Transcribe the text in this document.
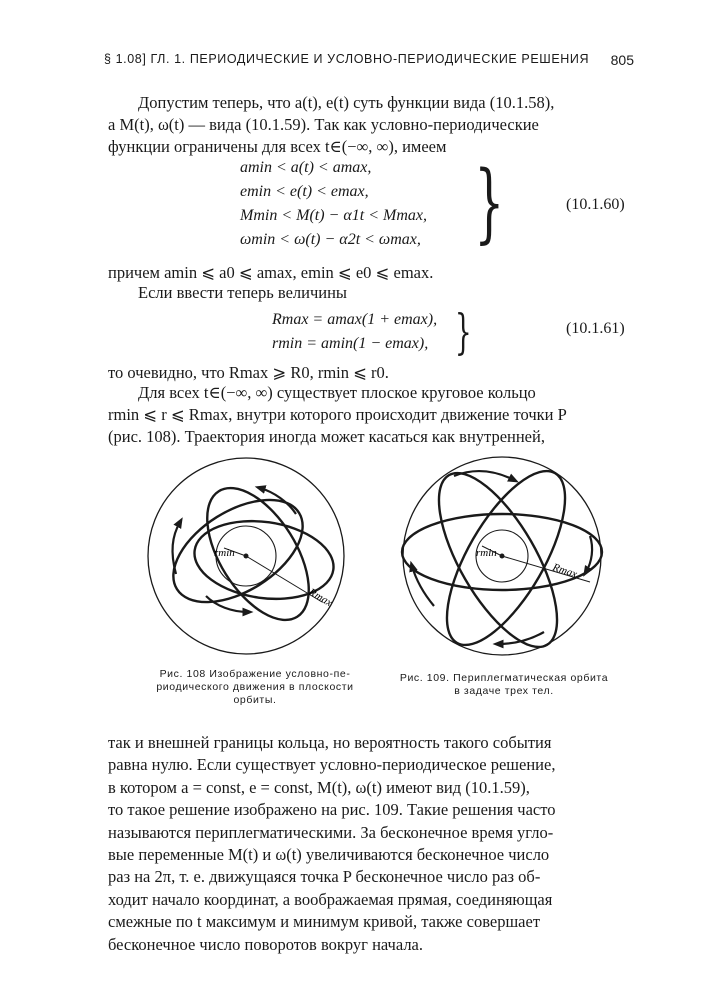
§ 1.08] ГЛ. 1. ПЕРИОДИЧЕСКИЕ И УСЛОВНО-ПЕРИОДИЧЕСКИЕ РЕШЕНИЯ 805
Допустим теперь, что a(t), e(t) суть функции вида (10.1.58),
а M(t), ω(t) — вида (10.1.59). Так как условно-периодические
функции ограничены для всех t∈(−∞, ∞), имеем
amin < a(t) < amax,
emin < e(t) < emax,
Mmin < M(t) − α1t < Mmax,
ωmin < ω(t) − α2t < ωmax, }	(10.1.60)
причем amin ⩽ a0 ⩽ amax, emin ⩽ e0 ⩽ emax.
Если ввести теперь величины
Rmax = amax(1 + emax),
rmin = amin(1 − emax), }	(10.1.61)
то очевидно, что Rmax ⩾ R0, rmin ⩽ r0.
Для всех t∈(−∞, ∞) существует плоское круговое кольцо
rmin ⩽ r ⩽ Rmax, внутри которого происходит движение точки P
(рис. 108). Траектория иногда может касаться как внутренней,
rmin
Rmax
Рис. 108 Изображение условно-пе-
риодического движения в плоскости
орбиты.
rmin
Rmax
Рис. 109. Периплегматическая орбита
в задаче трех тел.
так и внешней границы кольца, но вероятность такого события
равна нулю. Если существует условно-периодическое решение,
в котором a = const, e = const, M(t), ω(t) имеют вид (10.1.59),
то такое решение изображено на рис. 109. Такие решения часто
называются периплегматическими. За бесконечное время угло-
вые переменные M(t) и ω(t) увеличиваются бесконечное число
раз на 2π, т. е. движущаяся точка P бесконечное число раз об-
ходит начало координат, а воображаемая прямая, соединяющая
смежные по t максимум и минимум кривой, также совершает
бесконечное число поворотов вокруг начала.
